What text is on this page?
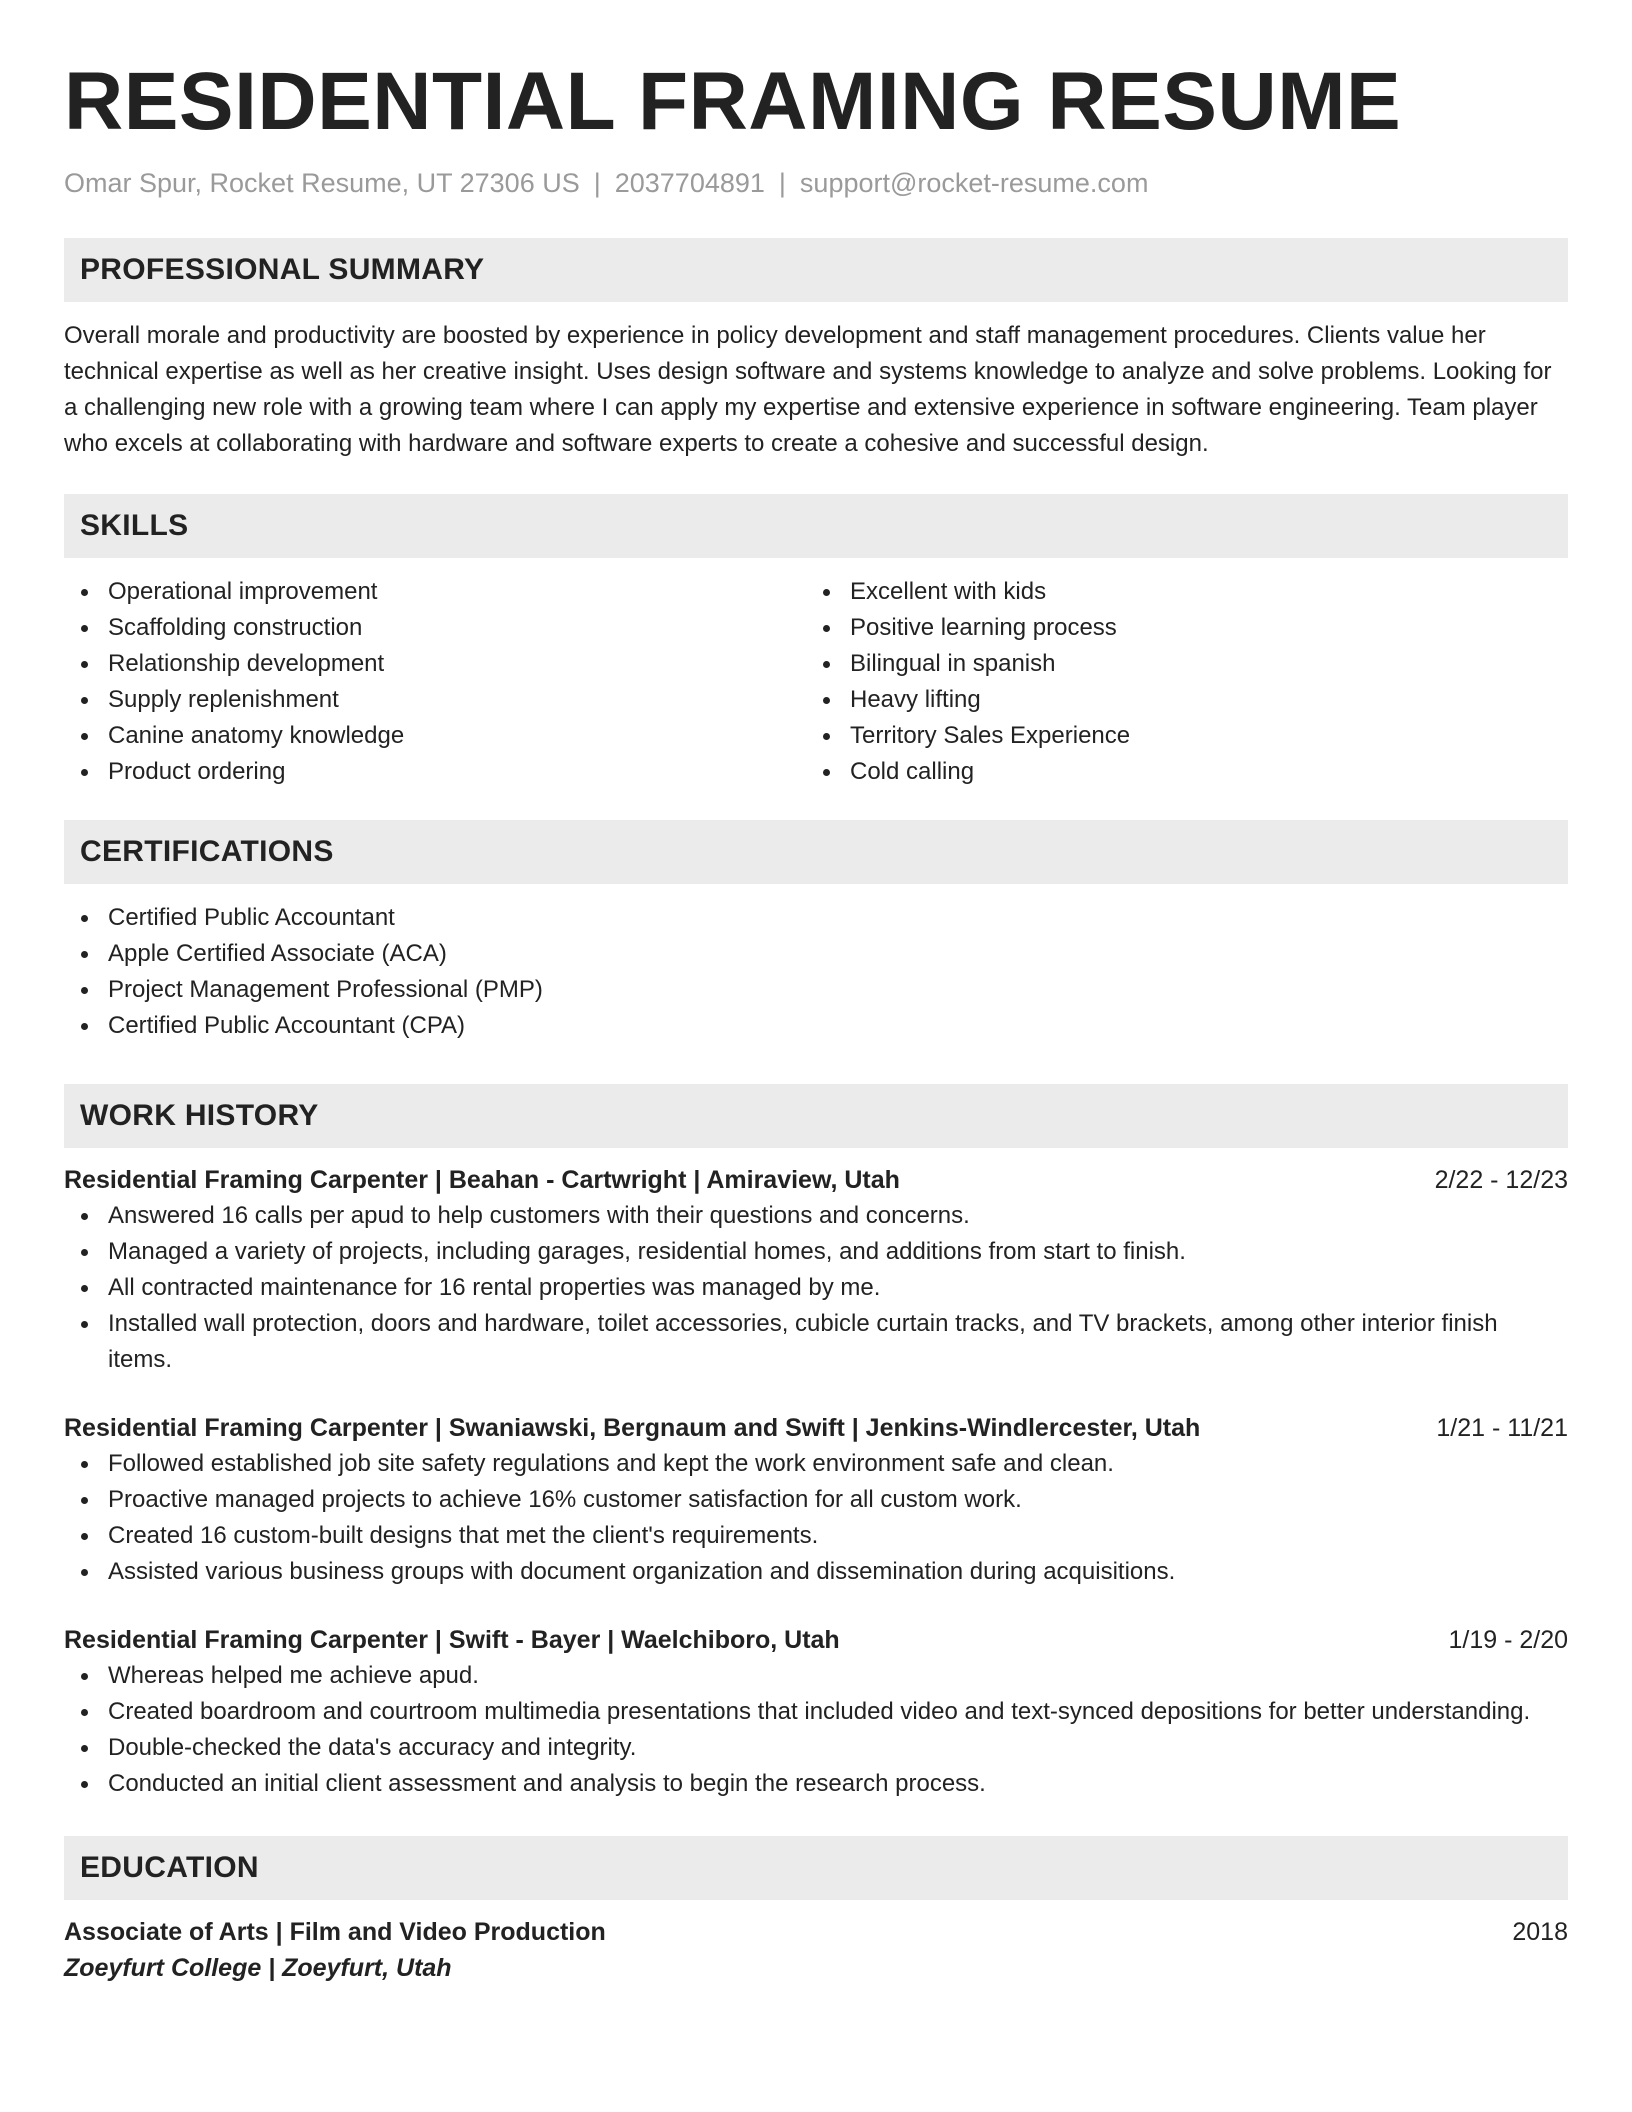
RESIDENTIAL FRAMING RESUME
Omar Spur, Rocket Resume, UT 27306 US | 2037704891 | support@rocket-resume.com
PROFESSIONAL SUMMARY

Overall morale and productivity are boosted by experience in policy development and staff management procedures. Clients value her technical expertise as well as her creative insight. Uses design software and systems knowledge to analyze and solve problems. Looking for a challenging new role with a growing team where I can apply my expertise and extensive experience in software engineering. Team player who excels at collaborating with hardware and software experts to create a cohesive and successful design.

SKILLS
Operational improvement
Scaffolding construction
Relationship development
Supply replenishment
Canine anatomy knowledge
Product ordering
Excellent with kids
Positive learning process
Bilingual in spanish
Heavy lifting
Territory Sales Experience
Cold calling
CERTIFICATIONS
Certified Public Accountant
Apple Certified Associate (ACA)
Project Management Professional (PMP)
Certified Public Accountant (CPA)
WORK HISTORY
Residential Framing Carpenter | Beahan - Cartwright | Amiraview, Utah	2/22 - 12/23
Answered 16 calls per apud to help customers with their questions and concerns.
Managed a variety of projects, including garages, residential homes, and additions from start to finish.
All contracted maintenance for 16 rental properties was managed by me.
Installed wall protection, doors and hardware, toilet accessories, cubicle curtain tracks, and TV brackets, among other interior finish items.
Residential Framing Carpenter | Swaniawski, Bergnaum and Swift | Jenkins-Windlercester, Utah	1/21 - 11/21
Followed established job site safety regulations and kept the work environment safe and clean.
Proactive managed projects to achieve 16% customer satisfaction for all custom work.
Created 16 custom-built designs that met the client's requirements.
Assisted various business groups with document organization and dissemination during acquisitions.
Residential Framing Carpenter | Swift - Bayer | Waelchiboro, Utah	1/19 - 2/20
Whereas helped me achieve apud.
Created boardroom and courtroom multimedia presentations that included video and text-synced depositions for better understanding.
Double-checked the data's accuracy and integrity.
Conducted an initial client assessment and analysis to begin the research process.
EDUCATION
Associate of Arts | Film and Video Production	2018
Zoeyfurt College | Zoeyfurt, Utah
